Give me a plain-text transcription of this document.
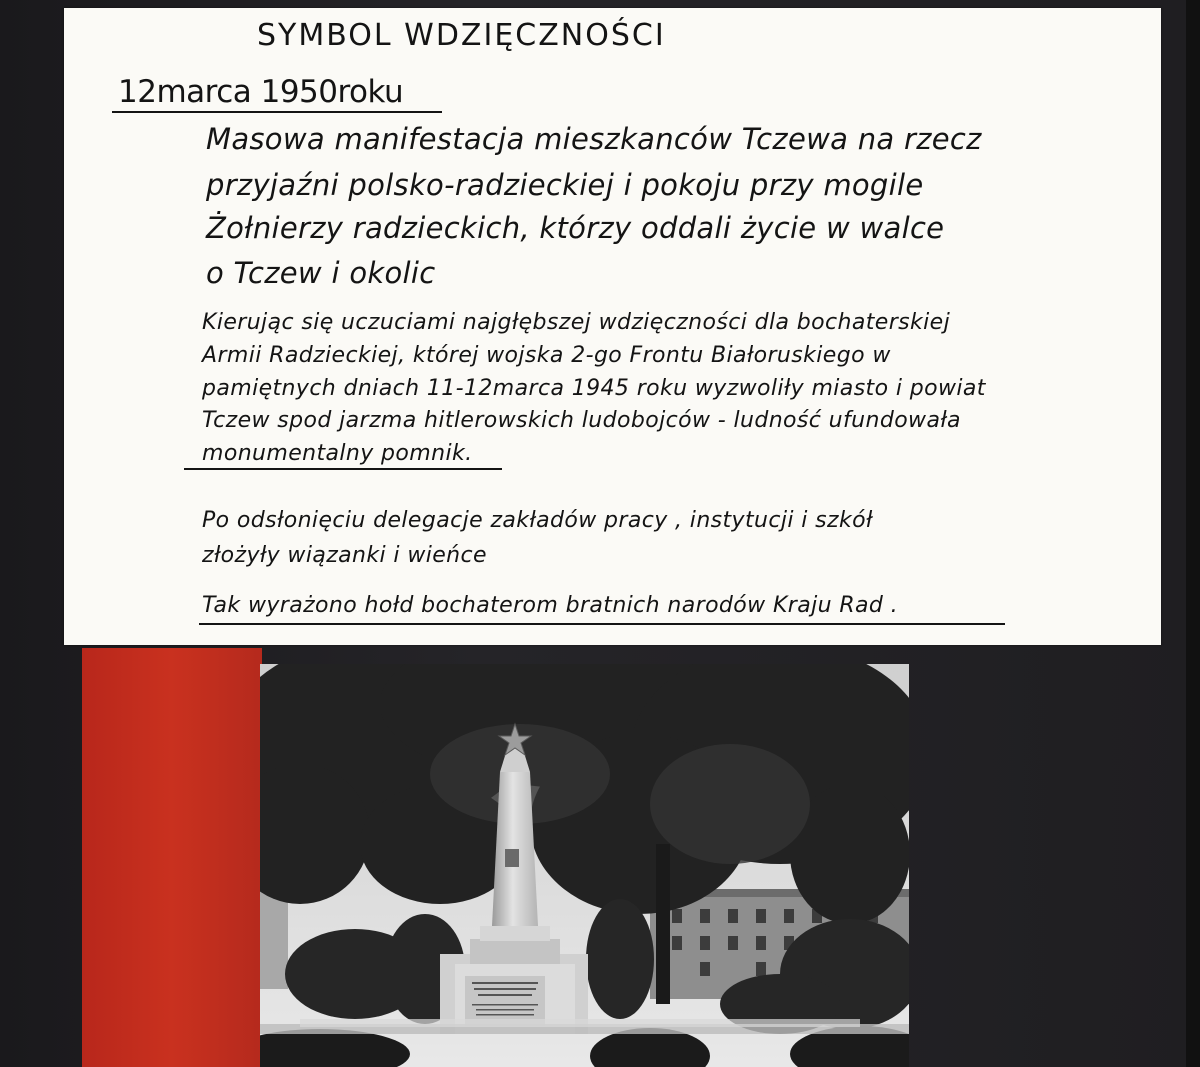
SYMBOL WDZIĘCZNOŚCI
12marca 1950roku
Masowa manifestacja mieszkanców Tczewa na rzecz
przyjaźni polsko-radzieckiej i pokoju przy mogile
Żołnierzy radzieckich, którzy oddali życie w walce
o Tczew i okolic
Kierując się uczuciami najgłębszej wdzięczności dla bochaterskiej
Armii Radzieckiej, której wojska 2-go Frontu Białoruskiego w
pamiętnych dniach 11-12marca 1945 roku wyzwoliły miasto i powiat
Tczew spod jarzma hitlerowskich ludobojców - ludność ufundowała
monumentalny pomnik.
Po odsłonięciu delegacje zakładów pracy , instytucji i szkół
złożyły wiązanki i wieńce
Tak wyrażono hołd bochaterom bratnich narodów Kraju Rad .
